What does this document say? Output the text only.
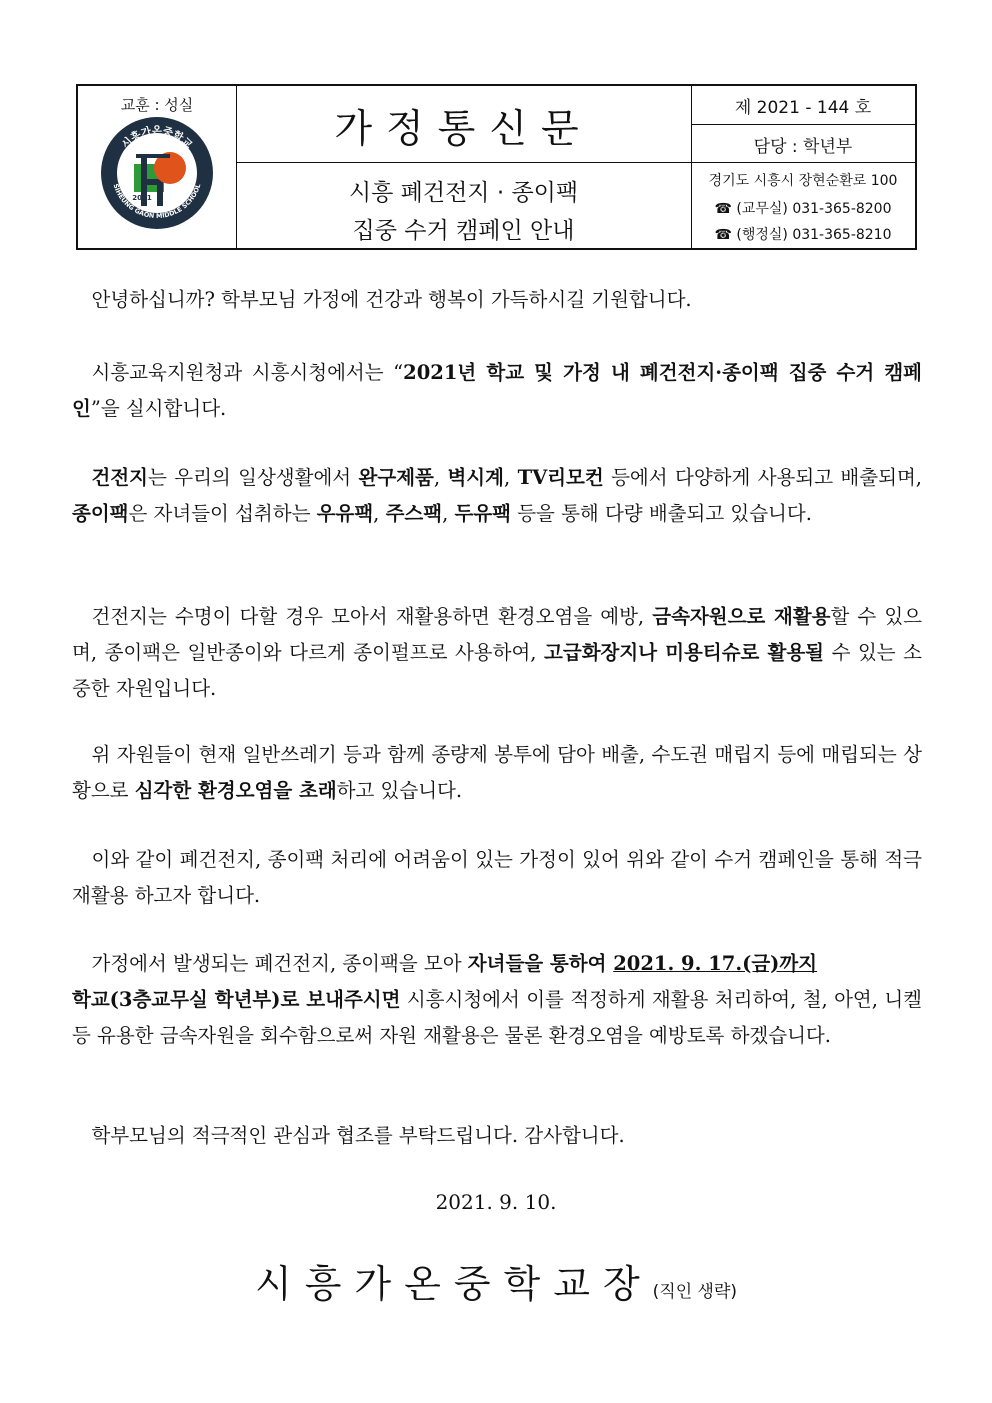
교훈 : 성실
시흥가온중학교
SIHEUNG GAON MIDDLE SCHOOL
2021
가정통신문
시흥 폐건전지 · 종이팩
집중 수거 캠페인 안내
제 2021 - 144 호
담당 : 학년부
경기도 시흥시 장현순환로 100
☎ (교무실) 031-365-8200
☎ (행정실) 031-365-8210
  안녕하십니까? 학부모님 가정에 건강과 행복이 가득하시길 기원합니다.
  시흥교육지원청과 시흥시청에서는 “2021년 학교 및 가정 내 폐건전지·종이팩 집중 수거 캠페인”을 실시합니다.
  건전지는 우리의 일상생활에서 완구제품, 벽시계, TV리모컨 등에서 다양하게 사용되고 배출되며, 종이팩은 자녀들이 섭취하는 우유팩, 주스팩, 두유팩 등을 통해 다량 배출되고 있습니다.
  건전지는 수명이 다할 경우 모아서 재활용하면 환경오염을 예방, 금속자원으로 재활용할 수 있으며, 종이팩은 일반종이와 다르게 종이펄프로 사용하여, 고급화장지나 미용티슈로 활용될 수 있는 소중한 자원입니다.
  위 자원들이 현재 일반쓰레기 등과 함께 종량제 봉투에 담아 배출, 수도권 매립지 등에 매립되는 상황으로 심각한 환경오염을 초래하고 있습니다.
  이와 같이 폐건전지, 종이팩 처리에 어려움이 있는 가정이 있어 위와 같이 수거 캠페인을 통해 적극 재활용 하고자 합니다.
  가정에서 발생되는 폐건전지, 종이팩을 모아 자녀들을 통하여 2021. 9. 17.(금)까지
학교(3층교무실 학년부)로 보내주시면 시흥시청에서 이를 적정하게 재활용 처리하여, 철, 아연, 니켈 등 유용한 금속자원을 회수함으로써 자원 재활용은 물론 환경오염을 예방토록 하겠습니다.
  학부모님의 적극적인 관심과 협조를 부탁드립니다. 감사합니다.
2021. 9. 10.
시흥가온중학교장(직인 생략)
